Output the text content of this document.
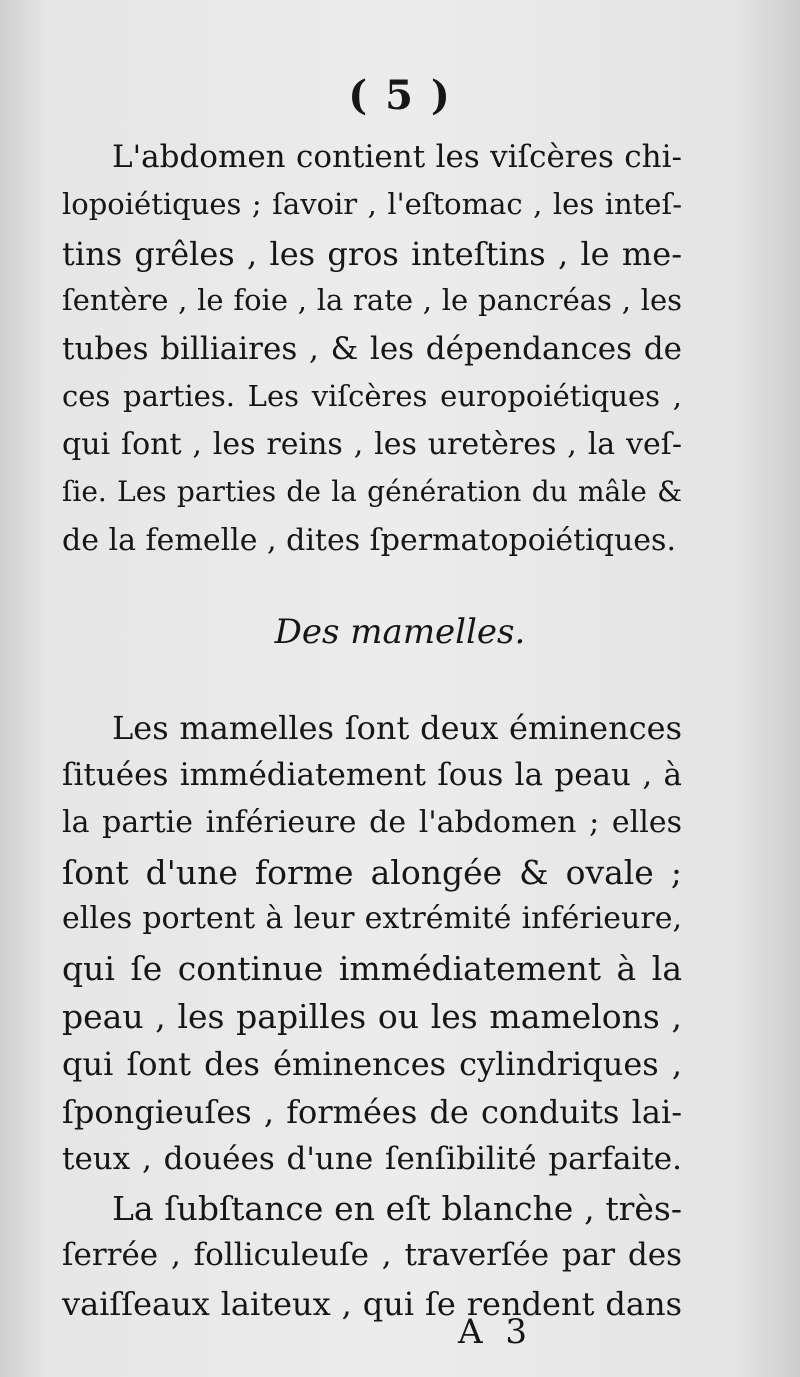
( 5 )
L'abdomen contient les viſcères chi-
lopoiétiques ; ſavoir , l'eſtomac , les inteſ-
tins grêles , les gros inteſtins , le me-
ſentère , le foie , la rate , le pancréas , les
tubes billiaires , & les dépendances de
ces parties. Les viſcères europoiétiques ,
qui ſont , les reins , les uretères , la veſ-
ſie. Les parties de la génération du mâle &
de la femelle , dites ſpermatopoiétiques.
Des mamelles.
Les mamelles ſont deux éminences
ſituées immédiatement ſous la peau , à
la partie inférieure de l'abdomen ; elles
ſont d'une forme alongée & ovale ;
elles portent à leur extrémité inférieure,
qui ſe continue immédiatement à la
peau , les papilles ou les mamelons ,
qui ſont des éminences cylindriques ,
ſpongieuſes , formées de conduits lai-
teux , douées d'une ſenſibilité parfaite.
La ſubſtance en eſt blanche , très-
ſerrée , folliculeuſe , traverſée par des
vaiſſeaux laiteux , qui ſe rendent dans
A 3
